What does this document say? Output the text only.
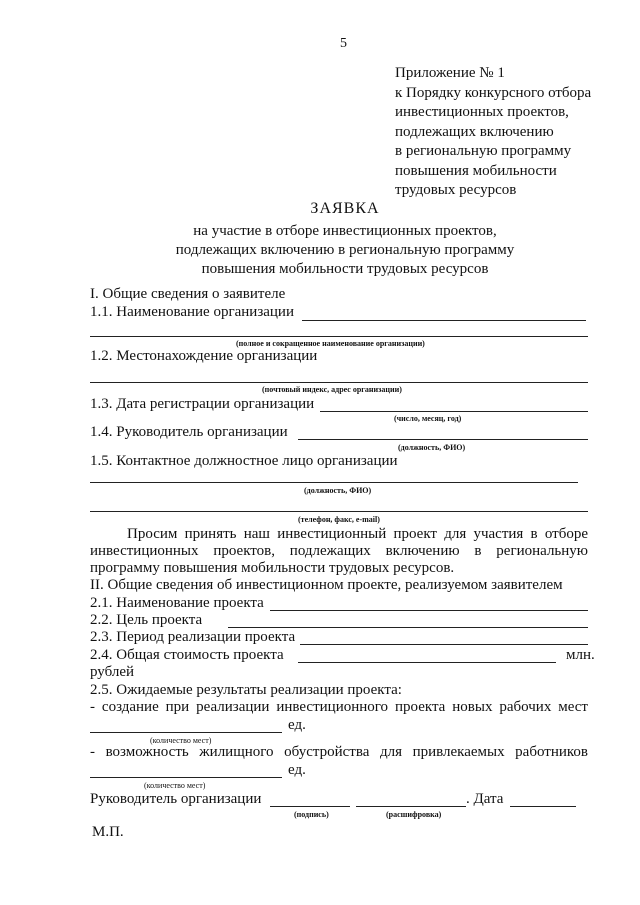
5
Приложение № 1
к Порядку конкурсного отбора
инвестиционных проектов,
подлежащих включению
в региональную программу
повышения мобильности
трудовых ресурсов
ЗАЯВКА
на участие в отборе инвестиционных проектов,
подлежащих включению в региональную программу
повышения мобильности трудовых ресурсов
I. Общие сведения о заявителе
1.1. Наименование организации
(полное и сокращенное наименование организации)
1.2. Местонахождение организации
(почтовый индекс, адрес организации)
1.3. Дата регистрации организации
(число, месяц, год)
1.4. Руководитель организации
(должность, ФИО)
1.5. Контактное должностное лицо организации
(должность, ФИО)
(телефон, факс, e-mail)
Просим принять наш инвестиционный проект для участия в отборе
инвестиционных проектов, подлежащих включению в региональную
программу повышения мобильности трудовых ресурсов.
II. Общие сведения об инвестиционном проекте, реализуемом заявителем
2.1. Наименование проекта
2.2. Цель проекта
2.3. Период реализации проекта
2.4. Общая стоимость проекта	млн.
рублей
2.5. Ожидаемые результаты реализации проекта:
- создание при реализации инвестиционного проекта новых рабочих мест
ед.
(количество мест)
- возможность жилищного обустройства для привлекаемых работников
ед.
(количество мест)
Руководитель организации	. Дата
(подпись)	(расшифровка)
М.П.
